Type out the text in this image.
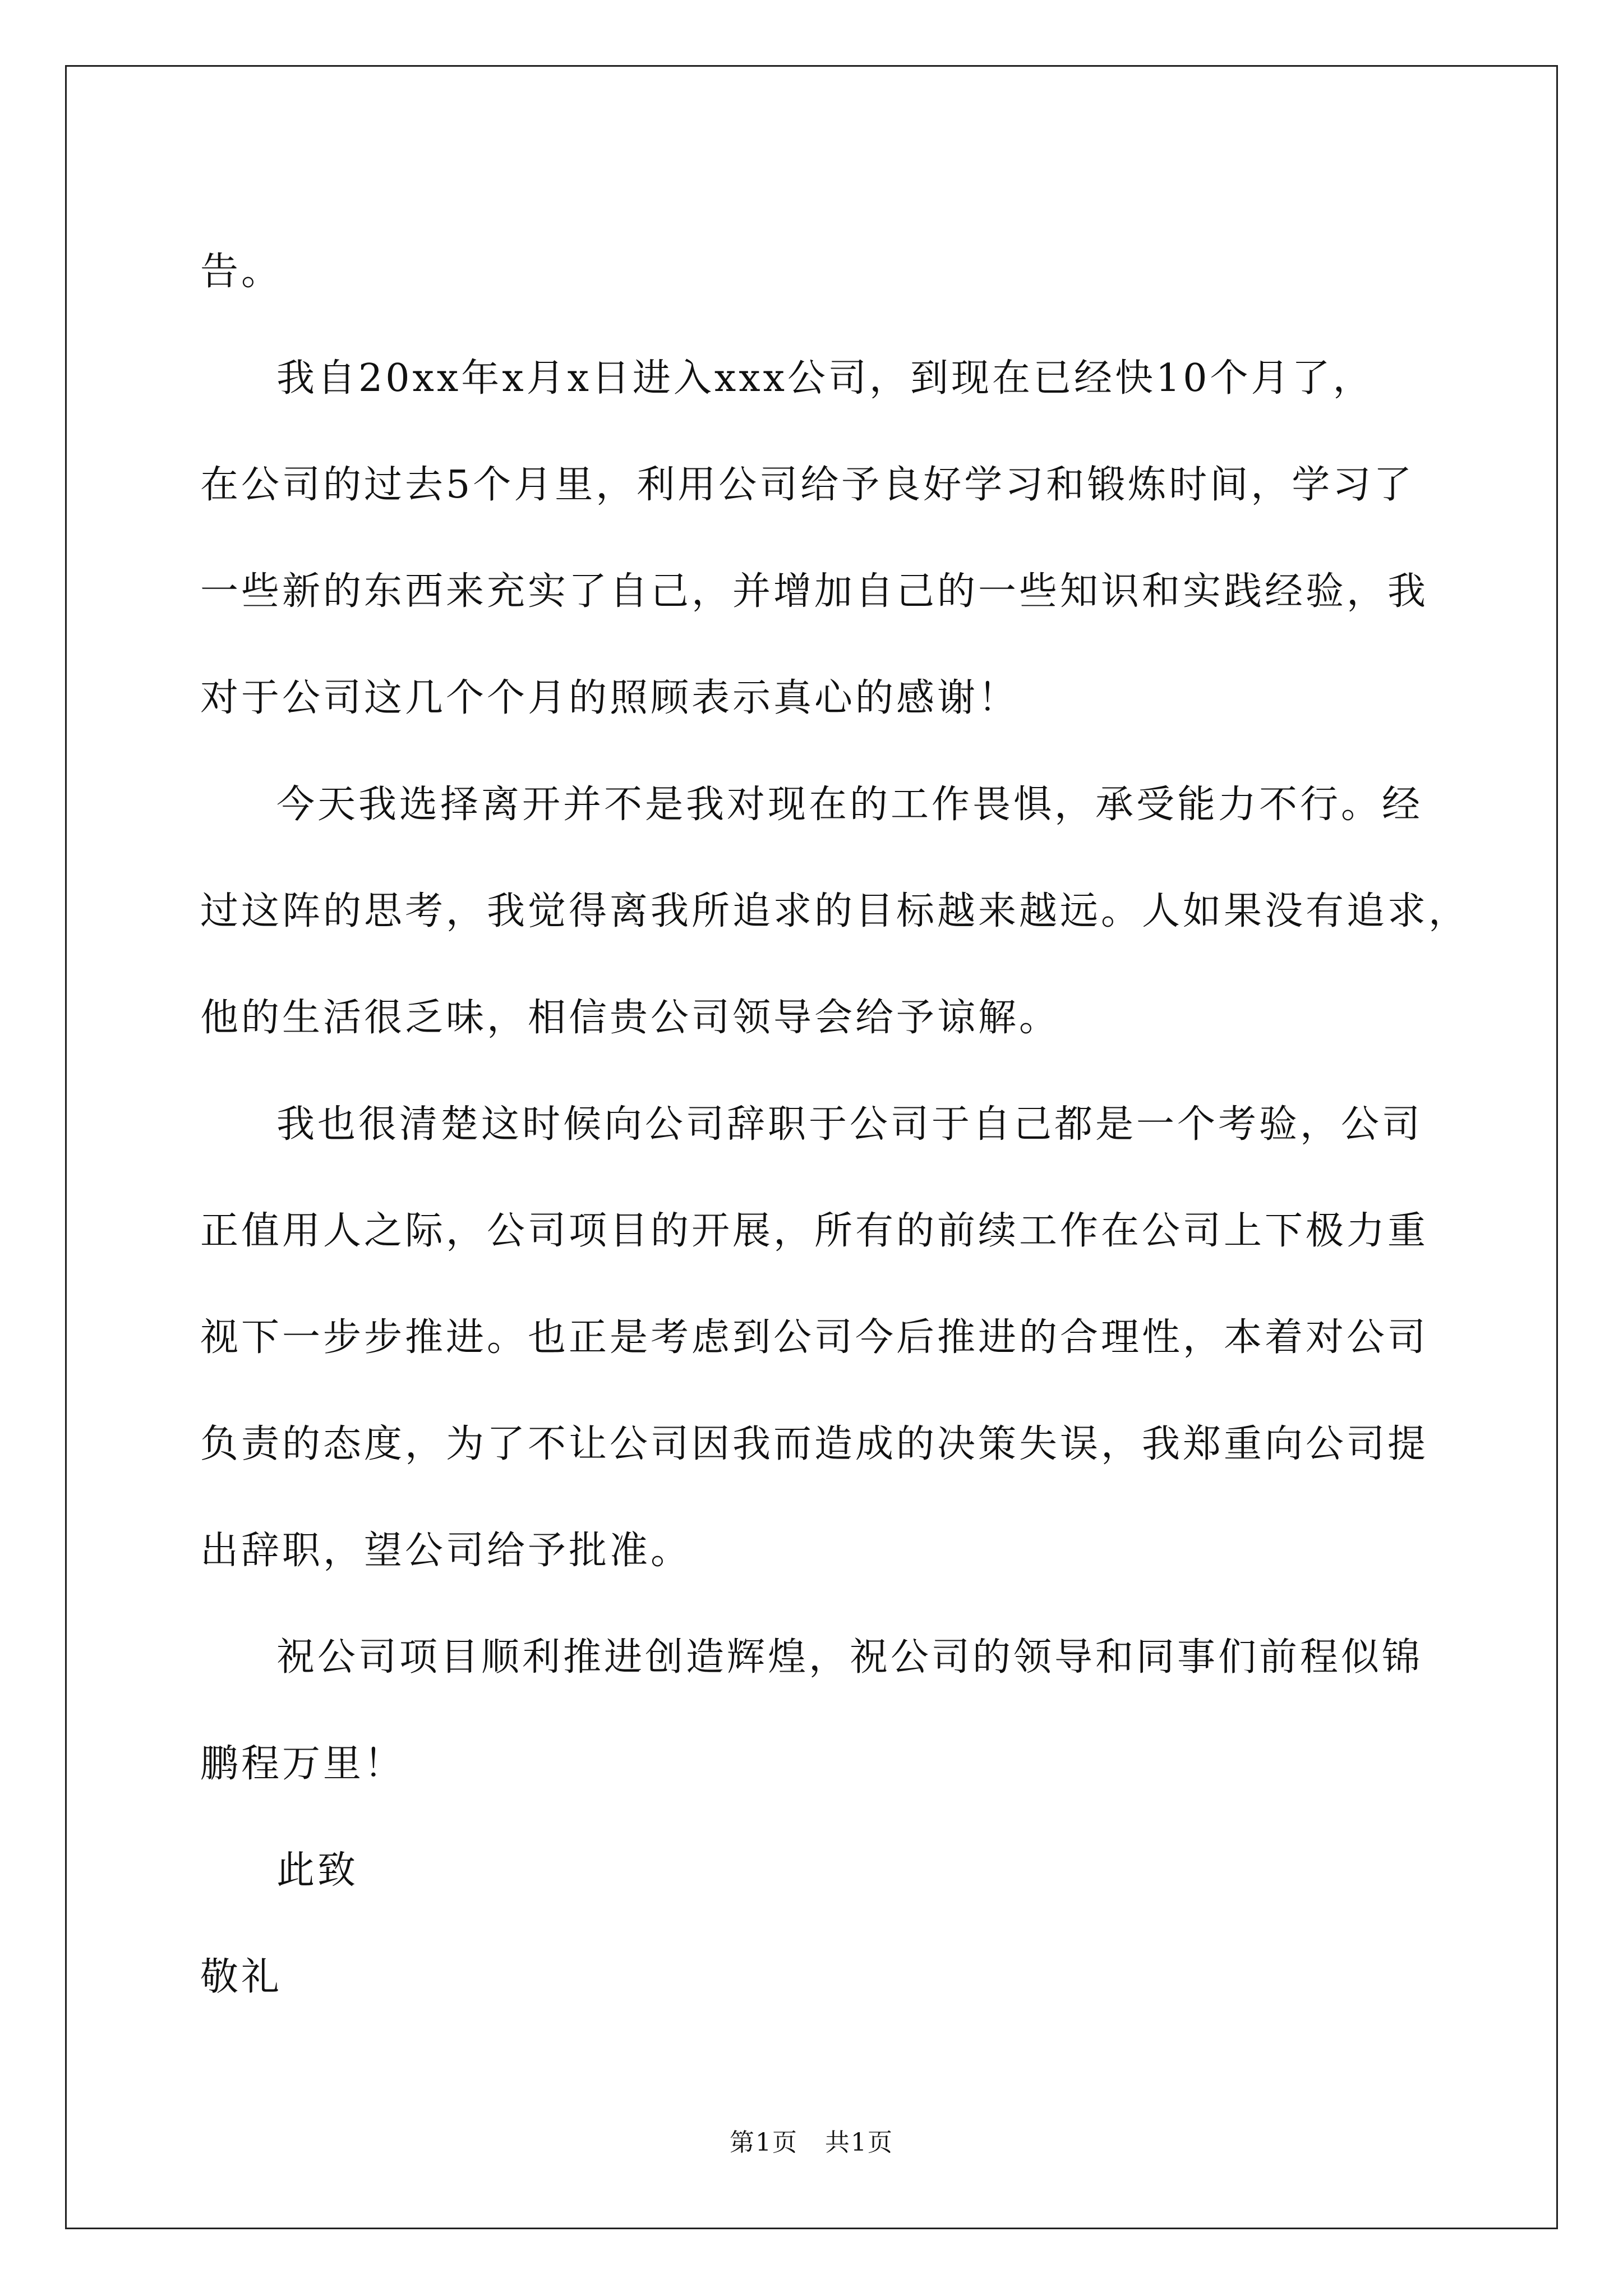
告。
我自20xx年x月x日进入xxx公司，到现在已经快10个月了，
在公司的过去5个月里，利用公司给予良好学习和锻炼时间，学习了
一些新的东西来充实了自己，并增加自己的一些知识和实践经验，我
对于公司这几个个月的照顾表示真心的感谢！
今天我选择离开并不是我对现在的工作畏惧，承受能力不行。经
过这阵的思考，我觉得离我所追求的目标越来越远。人如果没有追求，
他的生活很乏味，相信贵公司领导会给予谅解。
我也很清楚这时候向公司辞职于公司于自己都是一个考验，公司
正值用人之际，公司项目的开展，所有的前续工作在公司上下极力重
视下一步步推进。也正是考虑到公司今后推进的合理性，本着对公司
负责的态度，为了不让公司因我而造成的决策失误，我郑重向公司提
出辞职，望公司给予批准。
祝公司项目顺利推进创造辉煌，祝公司的领导和同事们前程似锦
鹏程万里！
此致
敬礼
第1页   共1页
